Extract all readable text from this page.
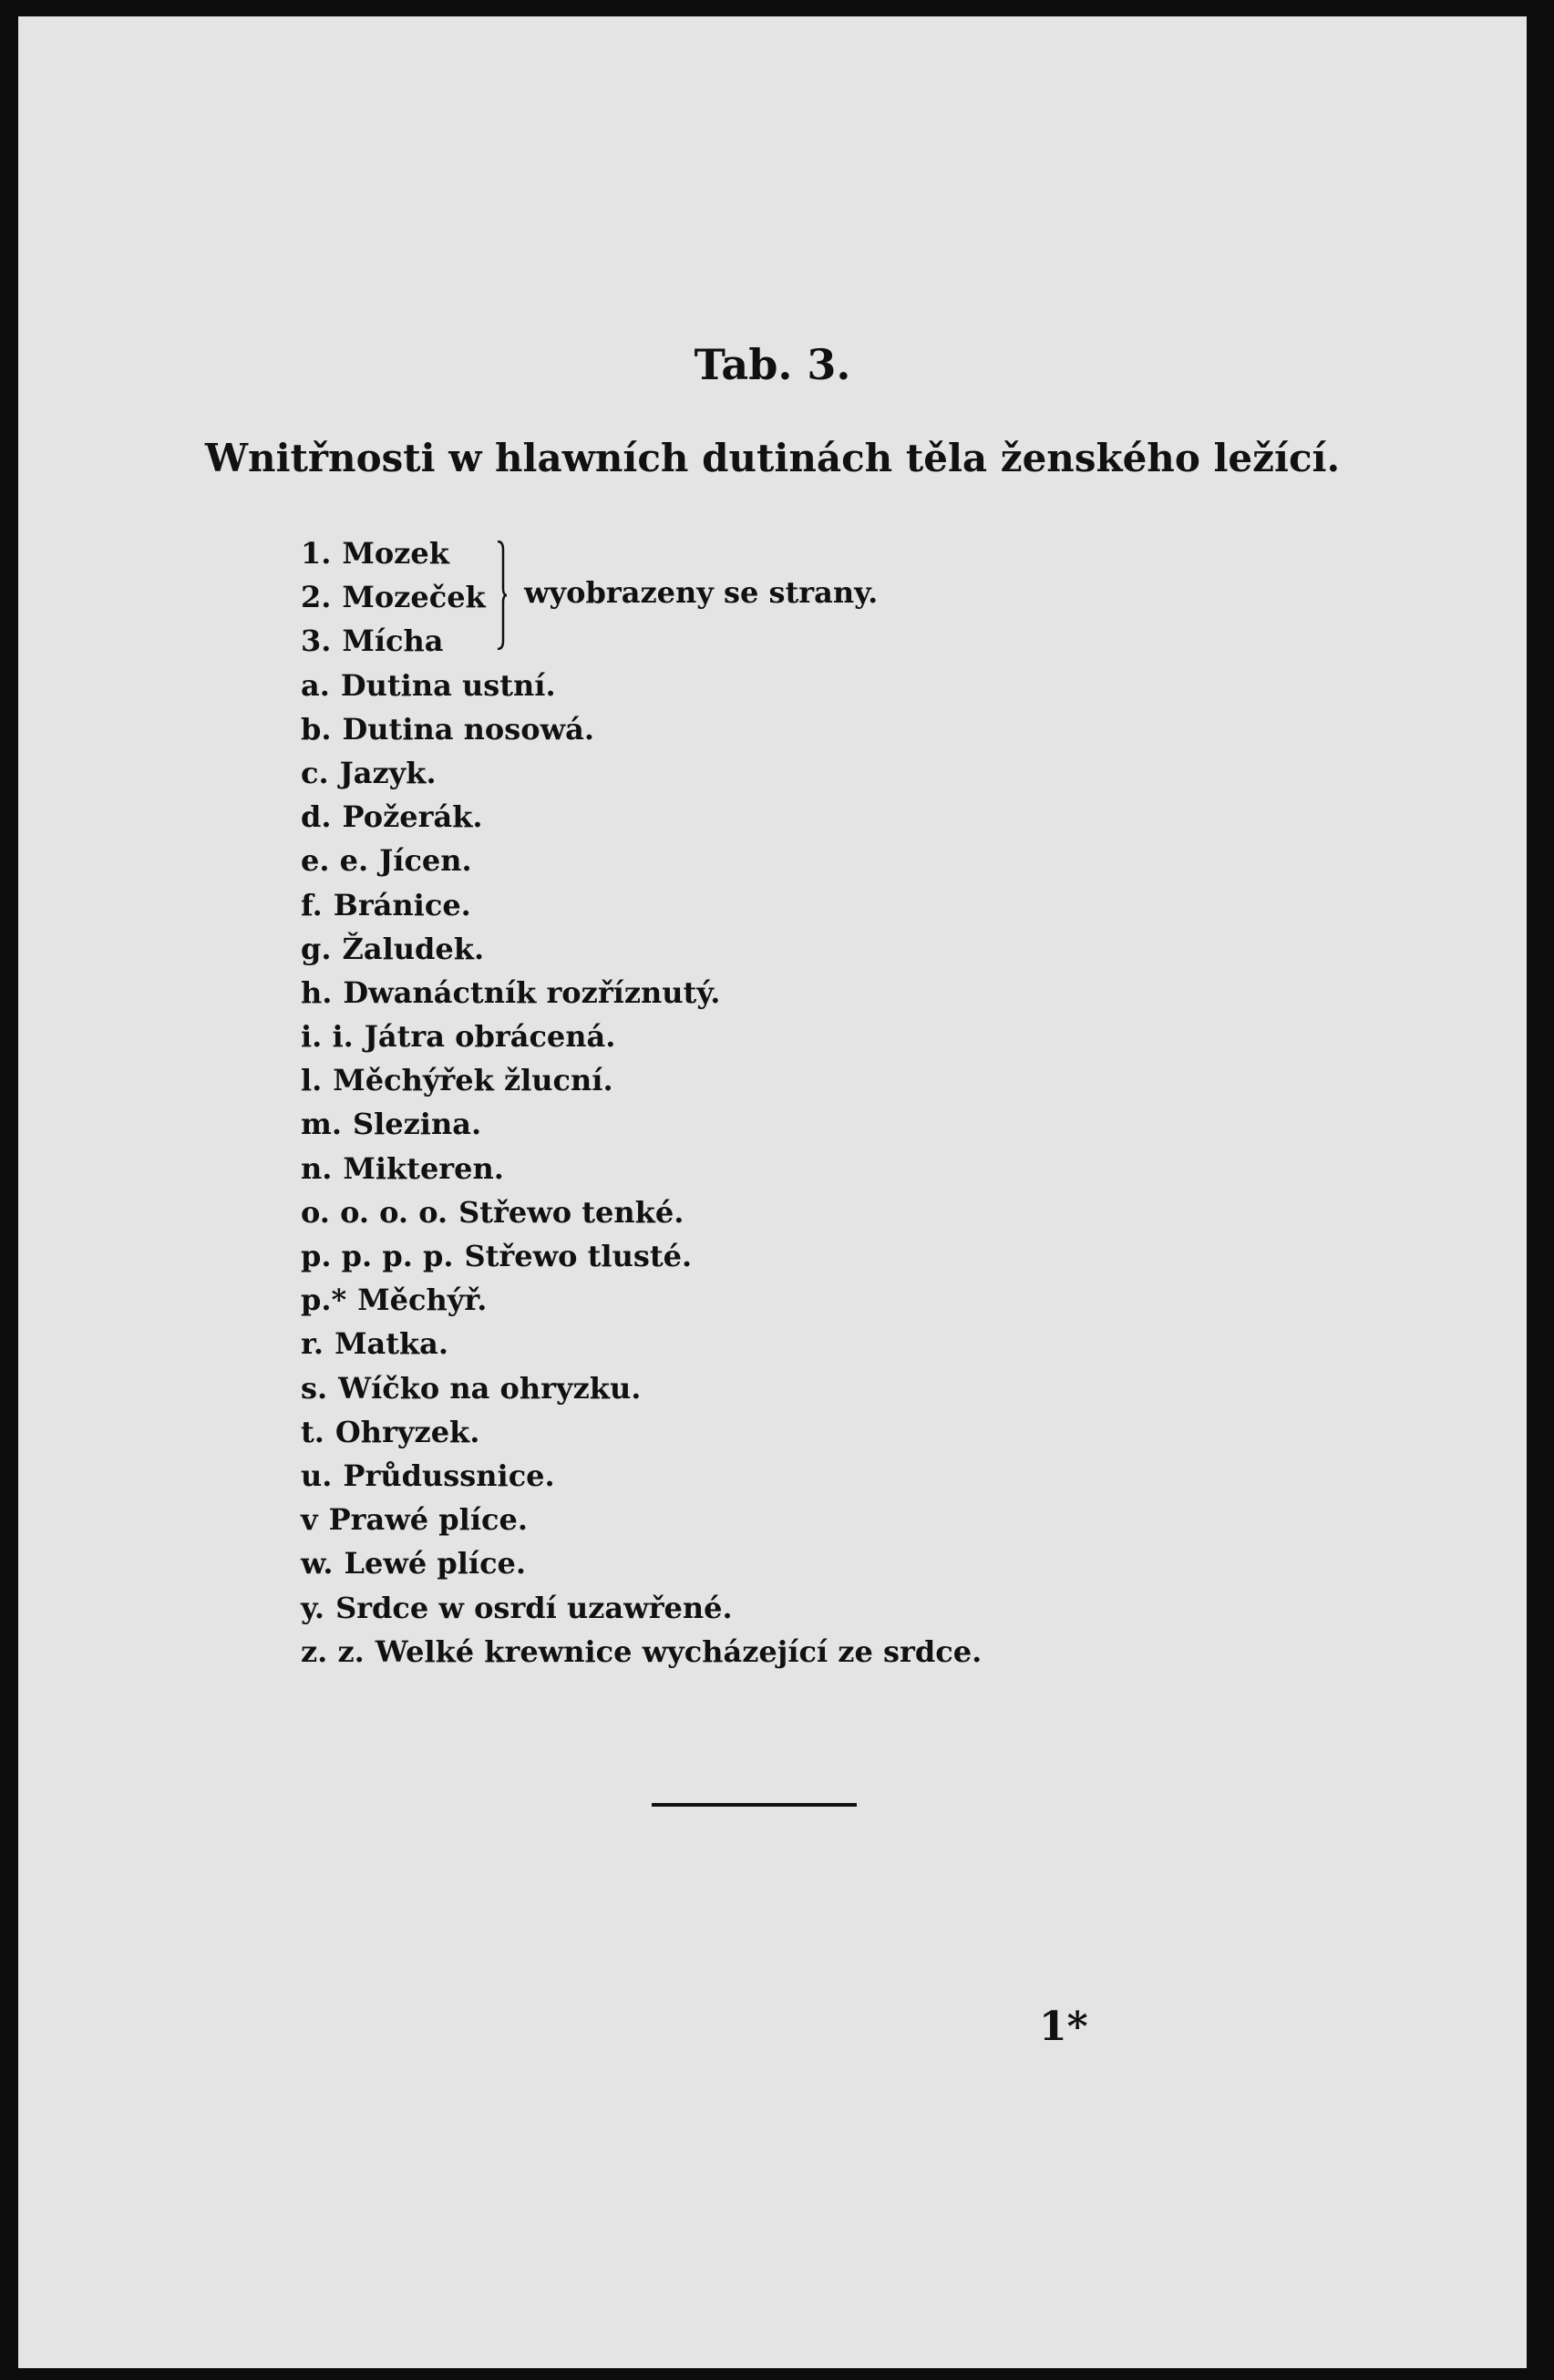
Tab. 3.
Wnitřnosti w hlawních dutinách těla ženského ležící.
1. Mozek
2. Mozeček
3. Mícha
a. Dutina ustní.
b. Dutina nosowá.
c. Jazyk.
d. Požerák.
e. e. Jícen.
f. Bránice.
g. Žaludek.
h. Dwanáctník rozříznutý.
i. i. Játra obrácená.
l. Měchýřek žlucní.
m. Slezina.
n. Mikteren.
o. o. o. o. Střewo tenké.
p. p. p. p. Střewo tlusté.
p.* Měchýř.
r. Matka.
s. Wíčko na ohryzku.
t. Ohryzek.
u. Průdussnice.
v Prawé plíce.
w. Lewé plíce.
y. Srdce w osrdí uzawřené.
z. z. Welké krewnice wycházející ze srdce.
wyobrazeny se strany.
1*
